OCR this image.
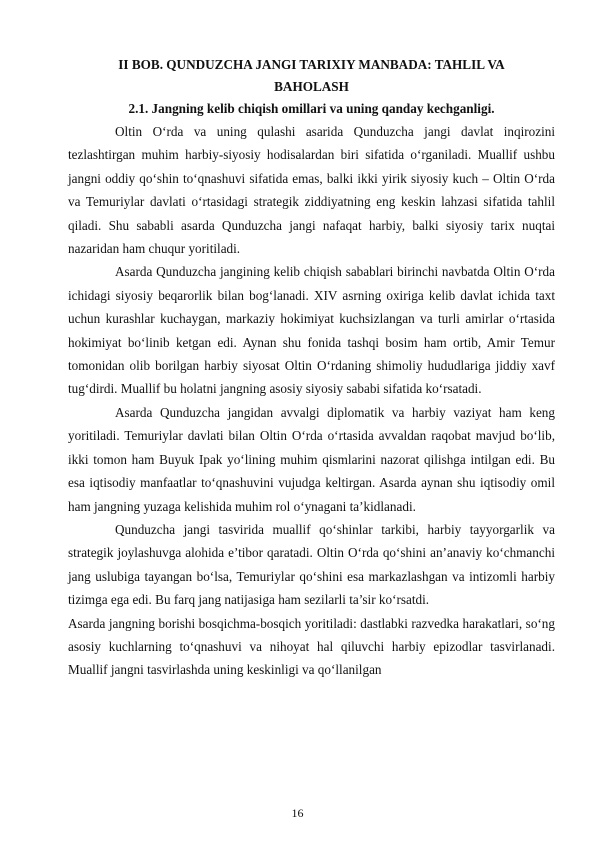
II BOB. QUNDUZCHA JANGI TARIXIY MANBADA: TAHLIL VA BAHOLASH
2.1. Jangning kelib chiqish omillari va uning qanday kechganligi.

Oltin O‘rda va uning qulashi asarida Qunduzcha jangi davlat inqirozini tezlashtirgan muhim harbiy-siyosiy hodisalardan biri sifatida o‘rganiladi. Muallif ushbu jangni oddiy qo‘shin to‘qnashuvi sifatida emas, balki ikki yirik siyosiy kuch – Oltin O‘rda va Temuriylar davlati o‘rtasidagi strategik ziddiyatning eng keskin lahzasi sifatida tahlil qiladi. Shu sababli asarda Qunduzcha jangi nafaqat harbiy, balki siyosiy tarix nuqtai nazaridan ham chuqur yoritiladi.

Asarda Qunduzcha jangining kelib chiqish sabablari birinchi navbatda Oltin O‘rda ichidagi siyosiy beqarorlik bilan bog‘lanadi. XIV asrning oxiriga kelib davlat ichida taxt uchun kurashlar kuchaygan, markaziy hokimiyat kuchsizlangan va turli amirlar o‘rtasida hokimiyat bo‘linib ketgan edi. Aynan shu fonida tashqi bosim ham ortib, Amir Temur tomonidan olib borilgan harbiy siyosat Oltin O‘rdaning shimoliy hududlariga jiddiy xavf tug‘dirdi. Muallif bu holatni jangning asosiy siyosiy sababi sifatida ko‘rsatadi.

Asarda Qunduzcha jangidan avvalgi diplomatik va harbiy vaziyat ham keng yoritiladi. Temuriylar davlati bilan Oltin O‘rda o‘rtasida avvaldan raqobat mavjud bo‘lib, ikki tomon ham Buyuk Ipak yo‘lining muhim qismlarini nazorat qilishga intilgan edi. Bu esa iqtisodiy manfaatlar to‘qnashuvini vujudga keltirgan. Asarda aynan shu iqtisodiy omil ham jangning yuzaga kelishida muhim rol o‘ynagani ta’kidlanadi.

Qunduzcha jangi tasvirida muallif qo‘shinlar tarkibi, harbiy tayyorgarlik va strategik joylashuvga alohida e’tibor qaratadi. Oltin O‘rda qo‘shini an’anaviy ko‘chmanchi jang uslubiga tayangan bo‘lsa, Temuriylar qo‘shini esa markazlashgan va intizomli harbiy tizimga ega edi. Bu farq jang natijasiga ham sezilarli ta’sir ko‘rsatdi.

Asarda jangning borishi bosqichma-bosqich yoritiladi: dastlabki razvedka harakatlari, so‘ng asosiy kuchlarning to‘qnashuvi va nihoyat hal qiluvchi harbiy epizodlar tasvirlanadi. Muallif jangni tasvirlashda uning keskinligi va qo‘llanilgan

16
